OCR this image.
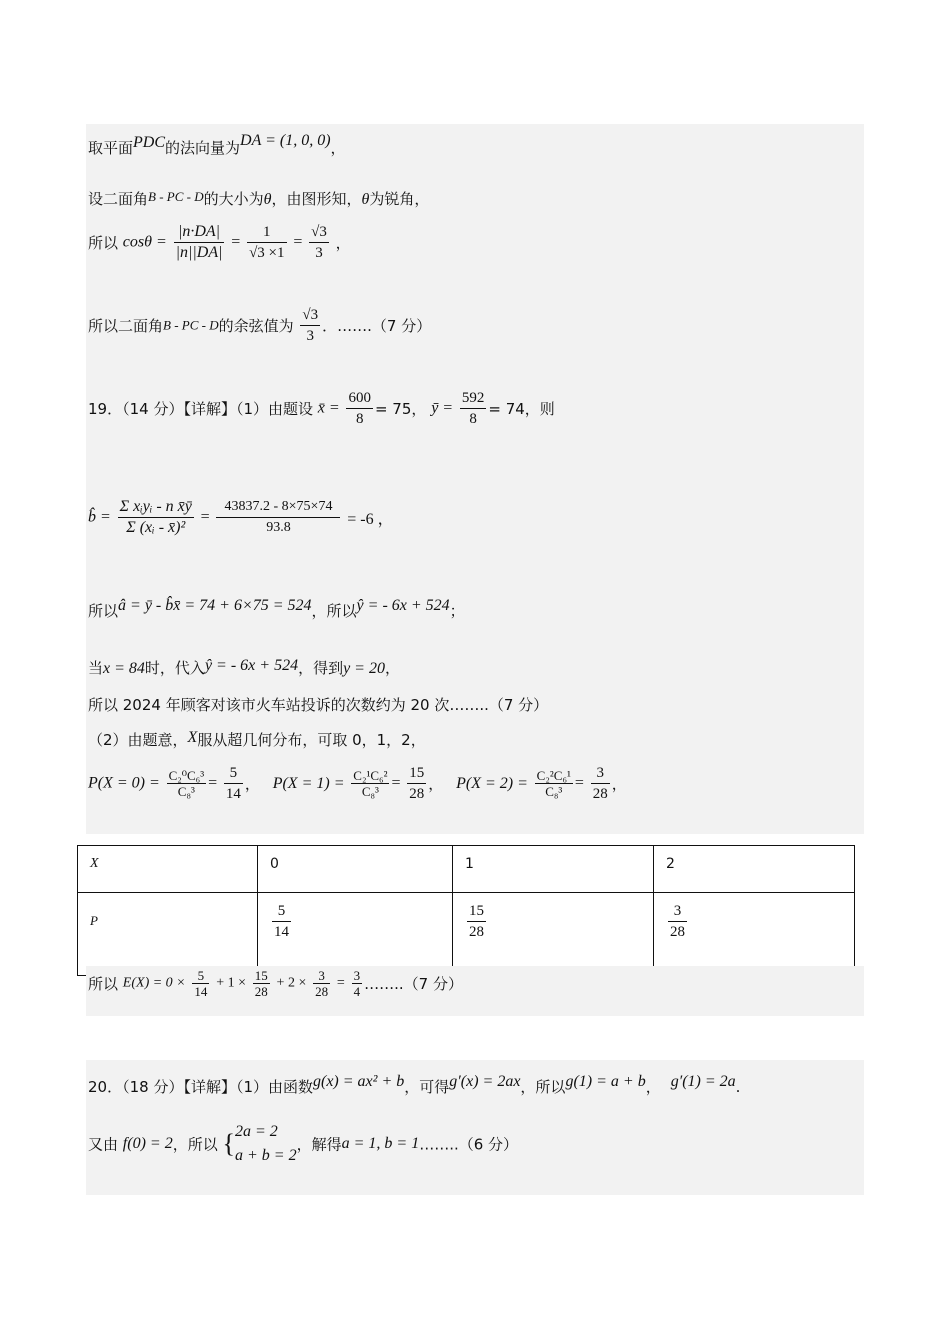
取平面PDC的法向量为DA = (1, 0, 0)，
设二面角B - PC - D的大小为θ，由图形知，θ为锐角，
所以 $\cos\theta = \frac{|n\cdot DA|}{|n||DA|} = \frac{1}{√3 \times 1} = \frac{√3}{3}$ ，
所以二面角B - PC - D的余弦值为 $\frac{√3}{3}$ ．…….（7 分）
19．（14 分）【详解】（1）由题设 x̄ = $\frac{600}{8} = 75$， ȳ = $\frac{592}{8} = 74$，则
b̂ = $\frac{\text{Σ xᵢyᵢ - n x̄ȳ}}{\text{Σ (xᵢ - x̄)²}} = \frac{43837.2 - 8\times 75\times 74}{93.8} = -6$ ，
所以â = ȳ - b̂x̄ = 74 + 6×75 = 524，所以ŷ = - 6x + 524；
当x = 84时，代入ŷ = - 6x + 524，得到y = 20，
所以 2024 年顾客对该市火车站投诉的次数约为 20 次……..（7 分）
（2）由题意，X服从超几何分布，可取 0，1，2，
$P(X = 0) = \frac{\text{C₂⁰C₆³}}{\text{C₈³}} = \frac{5}{14}$ ， $P(X = 1) = \frac{\text{C₂¹C₆²}}{\text{C₈³}} = \frac{15}{28}$ ， $P(X = 2) = \frac{\text{C₂²C₆¹}}{\text{C₈³}} = \frac{3}{28}$ ，
X	0	1	2
P	$\frac{5}{14}$	$\frac{15}{28}$	$\frac{3}{28}$
所以 $E(X) = 0 \times \frac{5}{14} + 1 \times \frac{15}{28} + 2 \times \frac{3}{28} = \frac{3}{4}$ ……..（7 分）
20．（18 分）【详解】（1）由函数g(x) = ax² + b，可得g′(x) = 2ax，所以g(1) = a + b， g′(1) = 2a.
又由 f(0) = 2，所以 { 2a = 2
a + b = 2
，解得a = 1, b = 1……..（6 分）
